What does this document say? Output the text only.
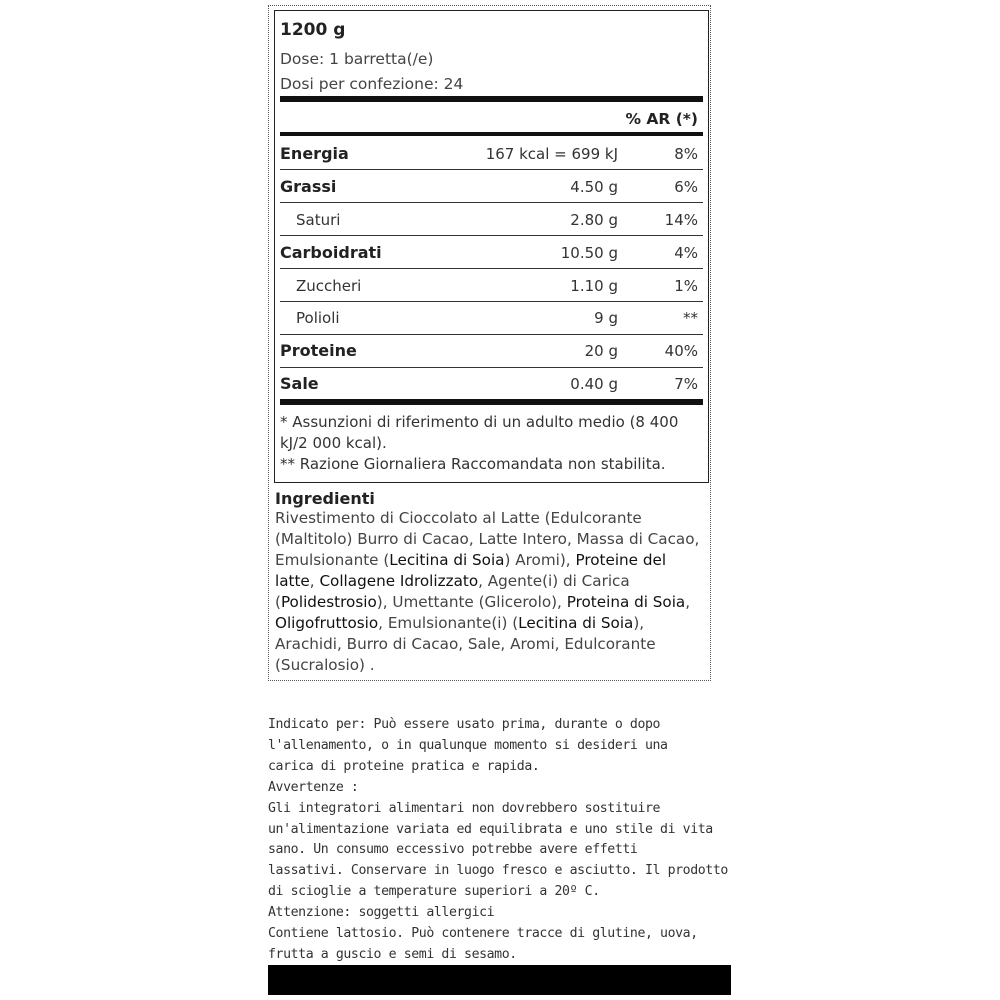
1200 g
Dose: 1 barretta(/e)
Dosi per confezione: 24
% AR (*)
Energia	167 kcal = 699 kJ	8%
Grassi	4.50 g	6%
Saturi	2.80 g	14%
Carboidrati	10.50 g	4%
Zuccheri	1.10 g	1%
Polioli	9 g	**
Proteine	20 g	40%
Sale	0.40 g	7%
* Assunzioni di riferimento di un adulto medio (8 400
kJ/2 000 kcal).
** Razione Giornaliera Raccomandata non stabilita.
Ingredienti
Rivestimento di Cioccolato al Latte (Edulcorante (Maltitolo) Burro di Cacao, Latte Intero, Massa di Cacao, Emulsionante (Lecitina di Soia) Aromi), Proteine del latte, Collagene Idrolizzato, Agente(i) di Carica (Polidestrosio), Umettante (Glicerolo), Proteina di Soia, Oligofruttosio, Emulsionante(i) (Lecitina di Soia), Arachidi, Burro di Cacao, Sale, Aromi, Edulcorante (Sucralosio) .
Indicato per: Può essere usato prima, durante o dopo
l'allenamento, o in qualunque momento si desideri una
carica di proteine pratica e rapida.
Avvertenze :
Gli integratori alimentari non dovrebbero sostituire
un'alimentazione variata ed equilibrata e uno stile di vita
sano. Un consumo eccessivo potrebbe avere effetti
lassativi. Conservare in luogo fresco e asciutto. Il prodotto
di scioglie a temperature superiori a 20º C.
Attenzione: soggetti allergici
Contiene lattosio. Può contenere tracce di glutine, uova,
frutta a guscio e semi di sesamo.
